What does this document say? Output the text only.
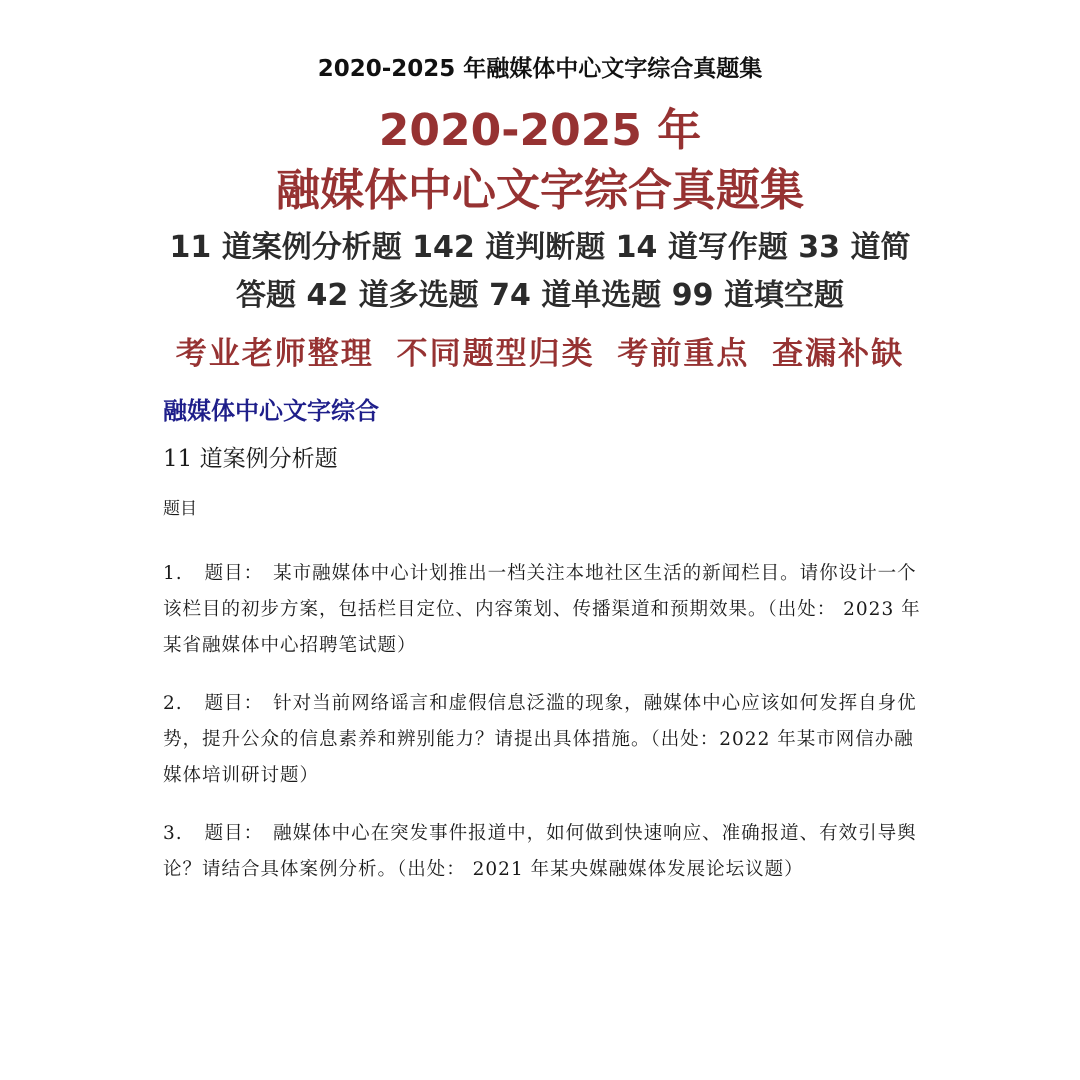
2020-2025 年融媒体中心文字综合真题集
2020-2025 年
融媒体中心文字综合真题集
11 道案例分析题 142 道判断题 14 道写作题 33 道简
答题 42 道多选题 74 道单选题 99 道填空题
考业老师整理 不同题型归类 考前重点 查漏补缺
融媒体中心文字综合
11 道案例分析题
题目
1. 题目： 某市融媒体中心计划推出一档关注本地社区生活的新闻栏目。请你设计一个该栏目的初步方案，包括栏目定位、内容策划、传播渠道和预期效果。（出处： 2023 年某省融媒体中心招聘笔试题）
2. 题目： 针对当前网络谣言和虚假信息泛滥的现象，融媒体中心应该如何发挥自身优势，提升公众的信息素养和辨别能力？请提出具体措施。（出处：2022 年某市网信办融媒体培训研讨题）
3. 题目： 融媒体中心在突发事件报道中，如何做到快速响应、准确报道、有效引导舆论？请结合具体案例分析。（出处： 2021 年某央媒融媒体发展论坛议题）
